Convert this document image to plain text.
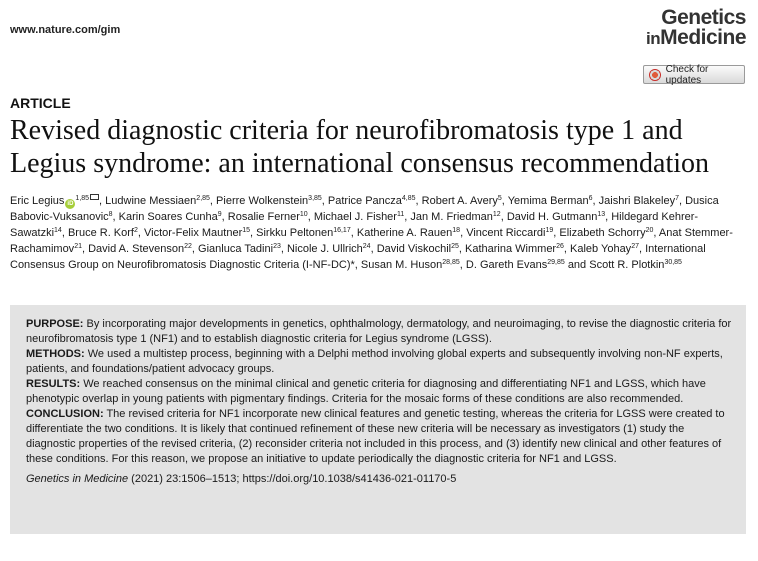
www.nature.com/gim
Genetics
inMedicine
Check for updates
ARTICLE
Revised diagnostic criteria for neurofibromatosis type 1 and Legius syndrome: an international consensus recommendation
Eric Legius iD$^{1,85}$ , Ludwine Messiaen$^{2,85}$, Pierre Wolkenstein$^{3,85}$, Patrice Pancza$^{4,85}$, Robert A. Avery$^5$, Yemima Berman$^6$, Jaishri Blakeley$^7$, Dusica Babovic-Vuksanovic$^8$, Karin Soares Cunha$^9$, Rosalie Ferner$^{10}$, Michael J. Fisher$^{11}$, Jan M. Friedman$^{12}$, David H. Gutmann$^{13}$, Hildegard Kehrer-Sawatzki$^{14}$, Bruce R. Korf$^2$, Victor-Felix Mautner$^{15}$, Sirkku Peltonen$^{16,17}$, Katherine A. Rauen$^{18}$, Vincent Riccardi$^{19}$, Elizabeth Schorry$^{20}$, Anat Stemmer-Rachamimov$^{21}$, David A. Stevenson$^{22}$, Gianluca Tadini$^{23}$, Nicole J. Ullrich$^{24}$, David Viskochil$^{25}$, Katharina Wimmer$^{26}$, Kaleb Yohay$^{27}$, International Consensus Group on Neurofibromatosis Diagnostic Criteria (I-NF-DC)*, Susan M. Huson$^{28,85}$, D. Gareth Evans$^{29,85}$ and Scott R. Plotkin$^{30,85}$

PURPOSE: By incorporating major developments in genetics, ophthalmology, dermatology, and neuroimaging, to revise the diagnostic criteria for neurofibromatosis type 1 (NF1) and to establish diagnostic criteria for Legius syndrome (LGSS).

METHODS: We used a multistep process, beginning with a Delphi method involving global experts and subsequently involving non-NF experts, patients, and foundations/patient advocacy groups.

RESULTS: We reached consensus on the minimal clinical and genetic criteria for diagnosing and differentiating NF1 and LGSS, which have phenotypic overlap in young patients with pigmentary findings. Criteria for the mosaic forms of these conditions are also recommended.

CONCLUSION: The revised criteria for NF1 incorporate new clinical features and genetic testing, whereas the criteria for LGSS were created to differentiate the two conditions. It is likely that continued refinement of these new criteria will be necessary as investigators (1) study the diagnostic properties of the revised criteria, (2) reconsider criteria not included in this process, and (3) identify new clinical and other features of these conditions. For this reason, we propose an initiative to update periodically the diagnostic criteria for NF1 and LGSS.

Genetics in Medicine (2021) 23:1506–1513; https://doi.org/10.1038/s41436-021-01170-5
